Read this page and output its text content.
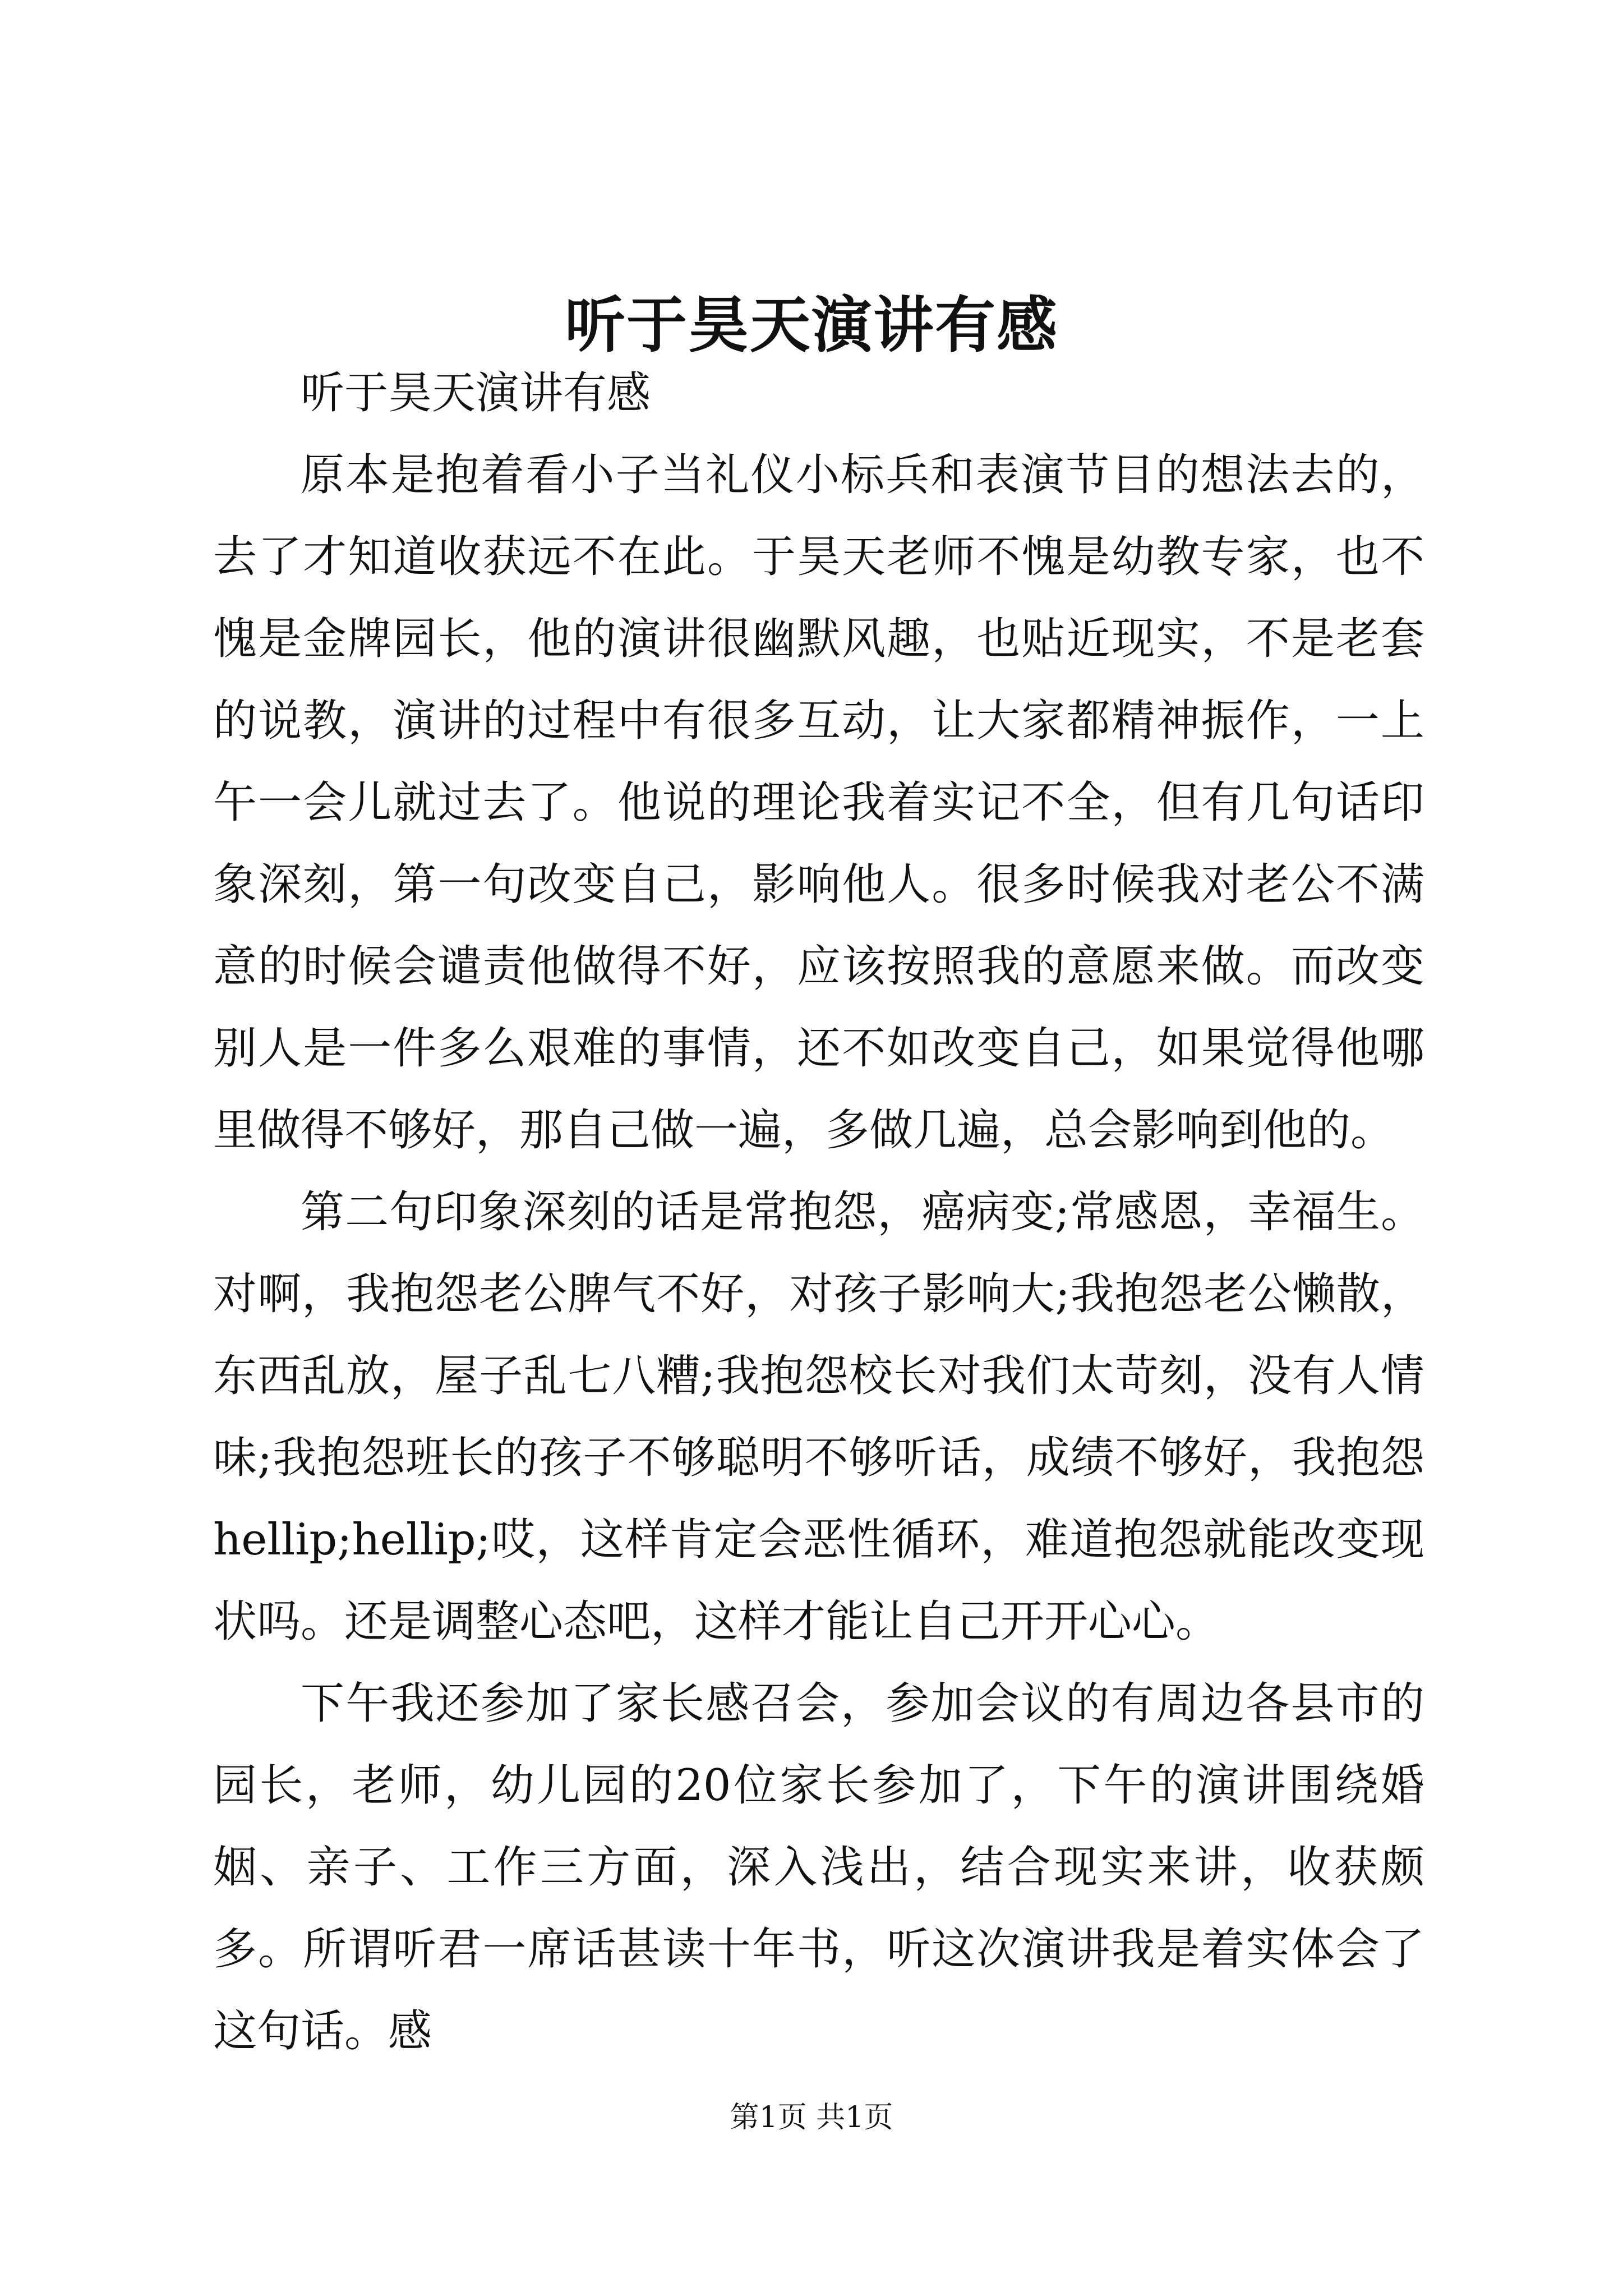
听于昊天演讲有感

听于昊天演讲有感

原本是抱着看小子当礼仪小标兵和表演节目的想法去的，去了才知道收获远不在此。于昊天老师不愧是幼教专家，也不愧是金牌园长，他的演讲很幽默风趣，也贴近现实，不是老套的说教，演讲的过程中有很多互动，让大家都精神振作，一上午一会儿就过去了。他说的理论我着实记不全，但有几句话印象深刻，第一句改变自己，影响他人。很多时候我对老公不满意的时候会谴责他做得不好，应该按照我的意愿来做。而改变别人是一件多么艰难的事情，还不如改变自己，如果觉得他哪里做得不够好，那自己做一遍，多做几遍，总会影响到他的。

第二句印象深刻的话是常抱怨，癌病变;常感恩，幸福生。对啊，我抱怨老公脾气不好，对孩子影响大;我抱怨老公懒散，东西乱放，屋子乱七八糟;我抱怨校长对我们太苛刻，没有人情味;我抱怨班长的孩子不够聪明不够听话，成绩不够好，我抱怨hellip;hellip;哎，这样肯定会恶性循环，难道抱怨就能改变现状吗。还是调整心态吧，这样才能让自己开开心心。

下午我还参加了家长感召会，参加会议的有周边各县市的园长，老师，幼儿园的20位家长参加了，下午的演讲围绕婚姻、亲子、工作三方面，深入浅出，结合现实来讲，收获颇多。所谓听君一席话甚读十年书，听这次演讲我是着实体会了这句话。感

第1页 共1页
